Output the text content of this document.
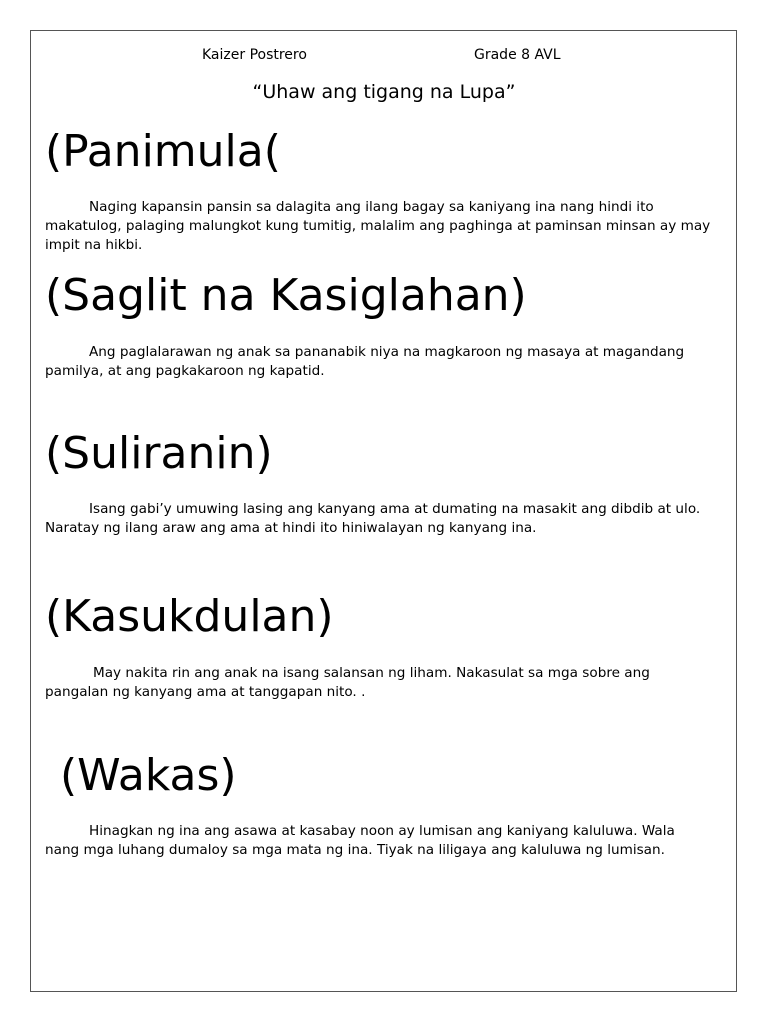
Kaizer Postrero	Grade 8 AVL
“Uhaw ang tigang na Lupa”
(Panimula(
Naging kapansin pansin sa dalagita ang ilang bagay sa kaniyang ina nang hindi ito
makatulog, palaging malungkot kung tumitig, malalim ang paghinga at paminsan minsan ay may
impit na hikbi.
(Saglit na Kasiglahan)
Ang paglalarawan ng anak sa pananabik niya na magkaroon ng masaya at magandang
pamilya, at ang pagkakaroon ng kapatid.
(Suliranin)
Isang gabi’y umuwing lasing ang kanyang ama at dumating na masakit ang dibdib at ulo.
Naratay ng ilang araw ang ama at hindi ito hiniwalayan ng kanyang ina.
(Kasukdulan)
May nakita rin ang anak na isang salansan ng liham. Nakasulat sa mga sobre ang
pangalan ng kanyang ama at tanggapan nito. .
(Wakas)
Hinagkan ng ina ang asawa at kasabay noon ay lumisan ang kaniyang kaluluwa. Wala
nang mga luhang dumaloy sa mga mata ng ina. Tiyak na liligaya ang kaluluwa ng lumisan.
